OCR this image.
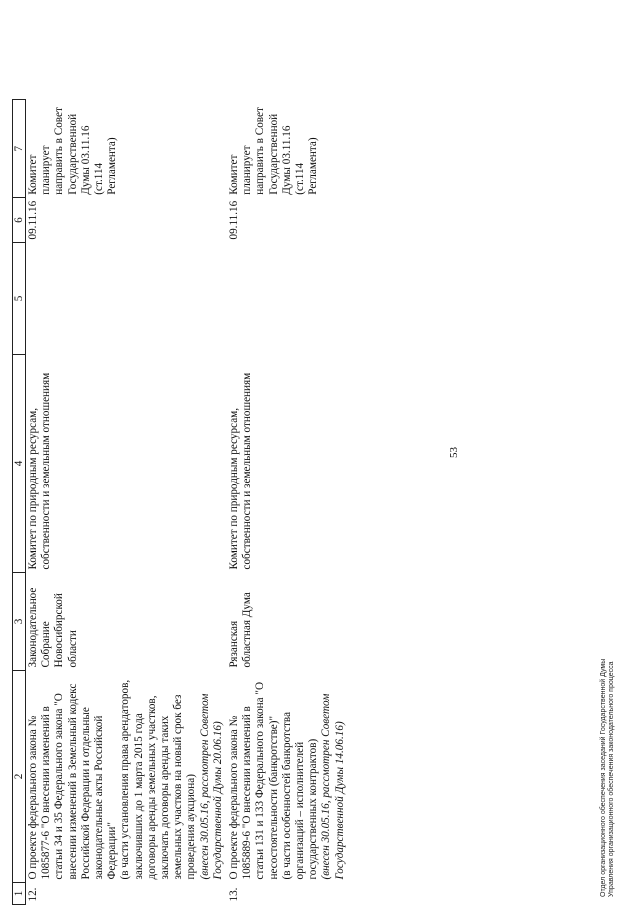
1	2	3	4	5	6	7
12.	О проекте федерального закона № 1085877-6 "О внесении изменений в статьи 34 и 35 Федерального закона "О внесении изменений в Земельный кодекс Российской Федерации и отдельные законодательные акты Российской Федерации"
(в части установления права арендаторов, заключивших до 1 марта 2015 года договоры аренды земельных участков, заключать договоры аренды таких земельных участков на новый срок без проведения аукциона)
(внесен 30.05.16, рассмотрен Советом Государственной Думы 20.06.16)	Законодательное Собрание Новосибирской области	Комитет по природным ресурсам, собственности и земельным отношениям		09.11.16	Комитет планирует направить в Совет Государственной Думы 03.11.16 (ст.114 Регламента)
13.	О проекте федерального закона № 1085889-6 "О внесении изменений в статьи 131 и 133 Федерального закона "О несостоятельности (банкротстве)"
(в части особенностей банкротства организаций – исполнителей государственных контрактов)
(внесен 30.05.16, рассмотрен Советом Государственной Думы 14.06.16)	Рязанская областная Дума	Комитет по природным ресурсам, собственности и земельным отношениям		09.11.16	Комитет планирует направить в Совет Государственной Думы 03.11.16 (ст.114 Регламента)
53
Отдел организационного обеспечения заседаний Государственной Думы Управления организационного обеспечения законодательного процесса
